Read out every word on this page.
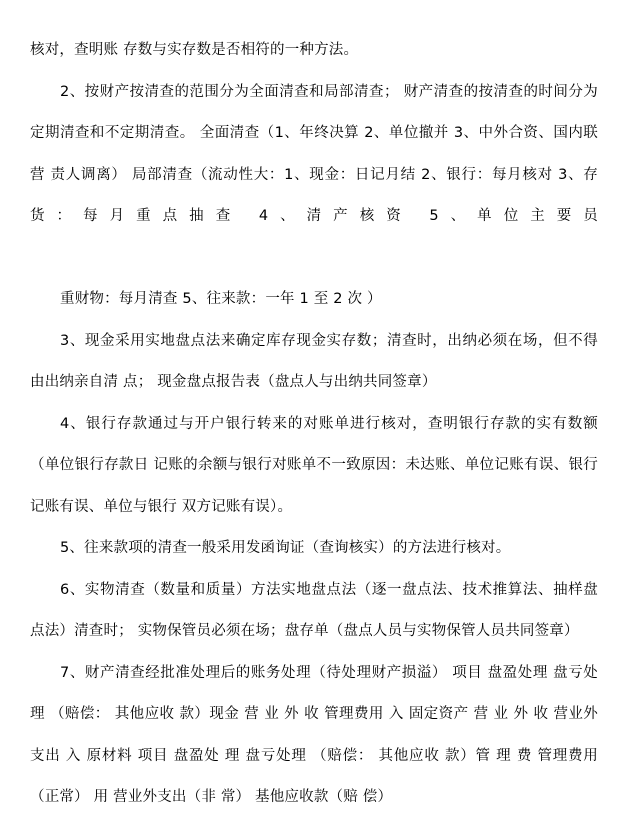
核对，查明账 存数与实存数是否相符的一种方法。

2、按财产按清查的范围分为全面清查和局部清查； 财产清查的按清查的时间分为定期清查和不定期清查。 全面清查（1、年终决算 2、单位撤并 3、中外合资、国内联营 责人调离） 局部清查（流动性大：1、现金：日记月结 2、银行：每月核对 3、存货：每月重点抽查 4、清产核资 5、单位主要员

重财物：每月清查 5、往来款：一年 1 至 2 次 ）

3、现金采用实地盘点法来确定库存现金实存数；清查时，出纳必须在场，但不得由出纳亲自清 点； 现金盘点报告表（盘点人与出纳共同签章）

4、银行存款通过与开户银行转来的对账单进行核对，查明银行存款的实有数额（单位银行存款日 记账的余额与银行对账单不一致原因：未达账、单位记账有误、银行记账有误、单位与银行 双方记账有误）。

5、往来款项的清查一般采用发函询证（查询核实）的方法进行核对。

6、实物清查（数量和质量）方法实地盘点法（逐一盘点法、技术推算法、抽样盘点法）清查时； 实物保管员必须在场；盘存单（盘点人员与实物保管人员共同签章）

7、财产清查经批准处理后的账务处理（待处理财产损溢） 项目 盘盈处理 盘亏处理 （赔偿： 其他应收 款）现金 营 业 外 收 管理费用 入 固定资产 营 业 外 收 营业外支出 入 原材料 项目 盘盈处 理 盘亏处理 （赔偿： 其他应收 款）管 理 费 管理费用 （正常） 用 营业外支出（非 常） 基他应收款（赔 偿）
